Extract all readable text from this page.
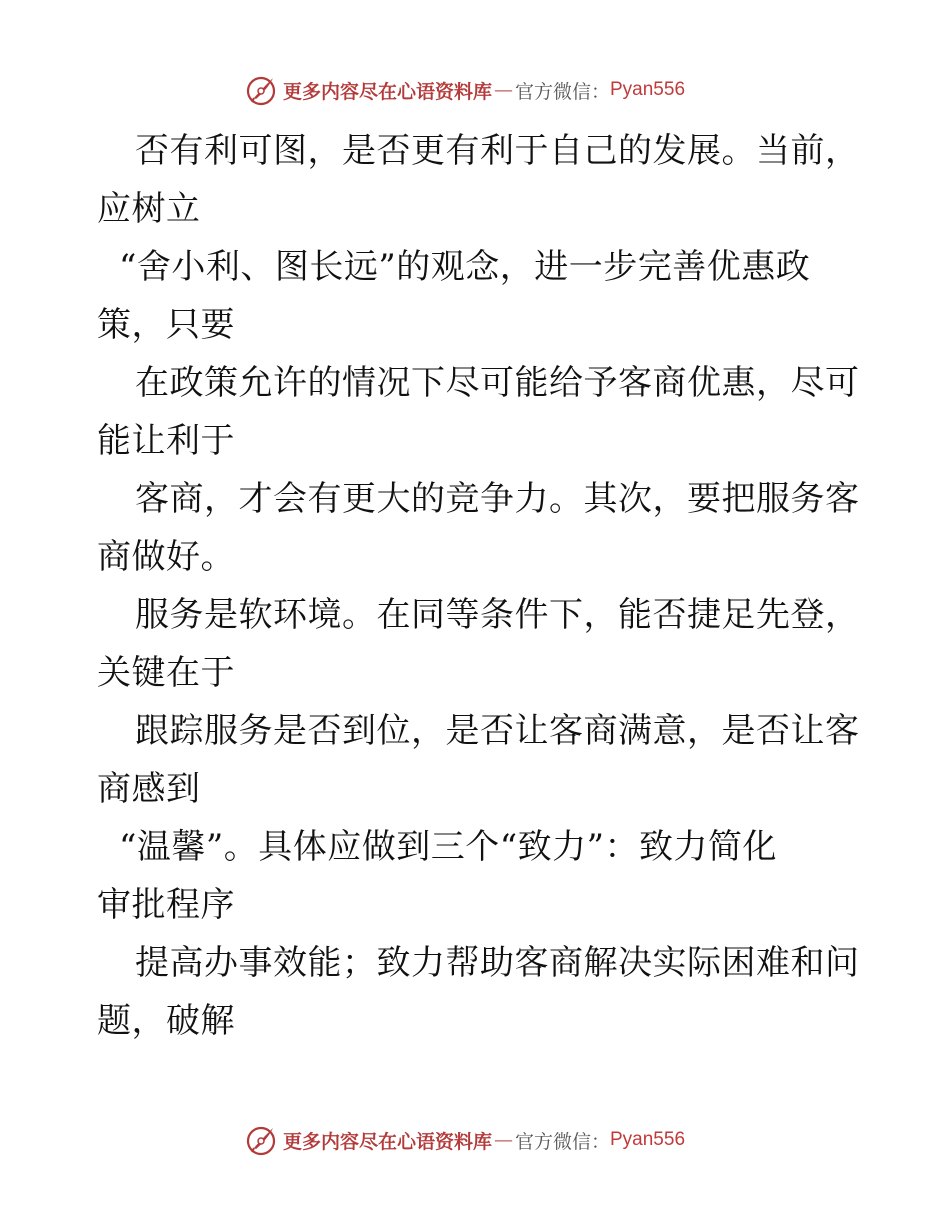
更多内容尽在心语资料库 — 官方微信： Pyan556
否有利可图，是否更有利于自己的发展。当前，
应树立
“舍小利、图长远”的观念，进一步完善优惠政
策，只要
在政策允许的情况下尽可能给予客商优惠，尽可
能让利于
客商，才会有更大的竞争力。其次，要把服务客
商做好。
服务是软环境。在同等条件下，能否捷足先登，
关键在于
跟踪服务是否到位，是否让客商满意，是否让客
商感到
“温馨”。具体应做到三个“致力”：致力简化
审批程序
提高办事效能；致力帮助客商解决实际困难和问
题，破解
更多内容尽在心语资料库 — 官方微信： Pyan556
